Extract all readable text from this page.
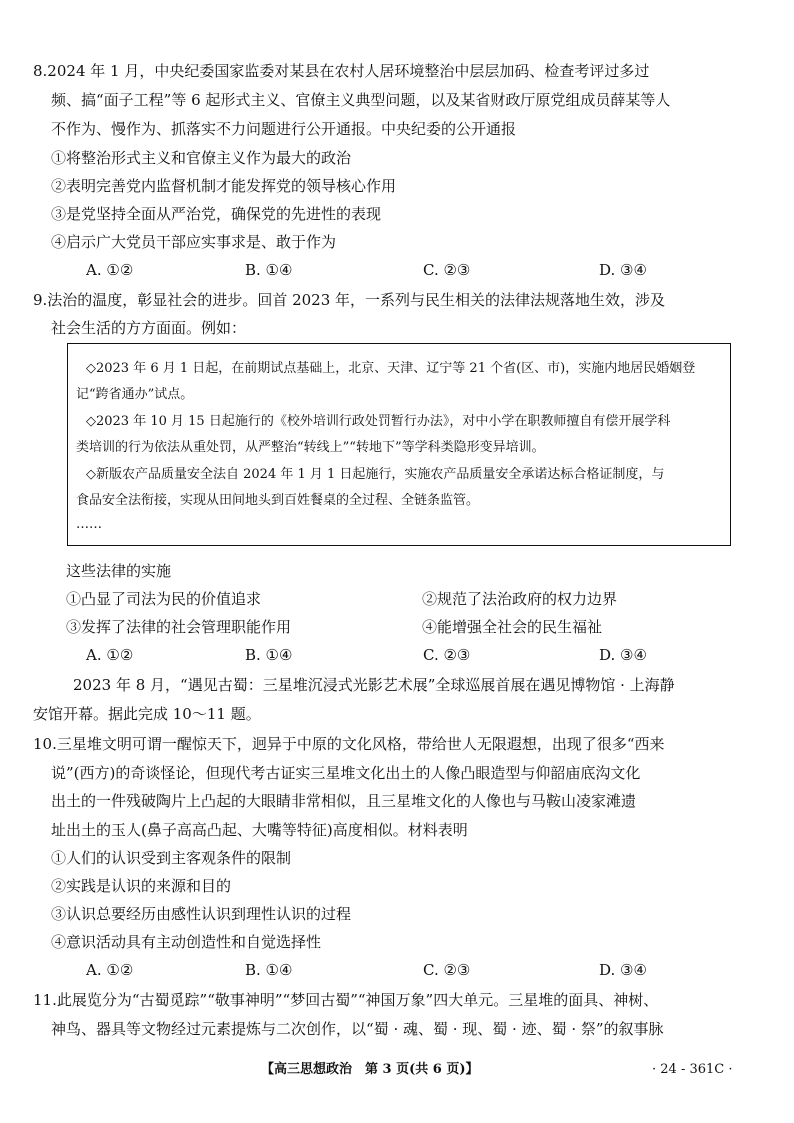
8.2024 年 1 月，中央纪委国家监委对某县在农村人居环境整治中层层加码、检查考评过多过
频、搞“面子工程”等 6 起形式主义、官僚主义典型问题，以及某省财政厅原党组成员薛某等人
不作为、慢作为、抓落实不力问题进行公开通报。中央纪委的公开通报
①将整治形式主义和官僚主义作为最大的政治
②表明完善党内监督机制才能发挥党的领导核心作用
③是党坚持全面从严治党，确保党的先进性的表现
④启示广大党员干部应实事求是、敢于作为
A. ①②	B. ①④	C. ②③	D. ③④
9.法治的温度，彰显社会的进步。回首 2023 年，一系列与民生相关的法律法规落地生效，涉及
社会生活的方方面面。例如：
◇2023 年 6 月 1 日起，在前期试点基础上，北京、天津、辽宁等 21 个省(区、市)，实施内地居民婚姻登
记“跨省通办”试点。
◇2023 年 10 月 15 日起施行的《校外培训行政处罚暂行办法》，对中小学在职教师擅自有偿开展学科
类培训的行为依法从重处罚，从严整治“转线上”“转地下”等学科类隐形变异培训。
◇新版农产品质量安全法自 2024 年 1 月 1 日起施行，实施农产品质量安全承诺达标合格证制度，与
食品安全法衔接，实现从田间地头到百姓餐桌的全过程、全链条监管。
……
这些法律的实施
①凸显了司法为民的价值追求	②规范了法治政府的权力边界
③发挥了法律的社会管理职能作用	④能增强全社会的民生福祉
A. ①②	B. ①④	C. ②③	D. ③④
2023 年 8 月，“遇见古蜀：三星堆沉浸式光影艺术展”全球巡展首展在遇见博物馆 · 上海静
安馆开幕。据此完成 10～11 题。
10.三星堆文明可谓一醒惊天下，迥异于中原的文化风格，带给世人无限遐想，出现了很多“西来
说”(西方)的奇谈怪论，但现代考古证实三星堆文化出土的人像凸眼造型与仰韶庙底沟文化
出土的一件残破陶片上凸起的大眼睛非常相似，且三星堆文化的人像也与马鞍山凌家滩遗
址出土的玉人(鼻子高高凸起、大嘴等特征)高度相似。材料表明
①人们的认识受到主客观条件的限制
②实践是认识的来源和目的
③认识总要经历由感性认识到理性认识的过程
④意识活动具有主动创造性和自觉选择性
A. ①②	B. ①④	C. ②③	D. ③④
11.此展览分为“古蜀觅踪”“敬事神明”“梦回古蜀”“神国万象”四大单元。三星堆的面具、神树、
神鸟、器具等文物经过元素提炼与二次创作，以“蜀 · 魂、蜀 · 现、蜀 · 迹、蜀 · 祭”的叙事脉
【高三思想政治　第 3 页(共 6 页)】	· 24 - 361C ·
